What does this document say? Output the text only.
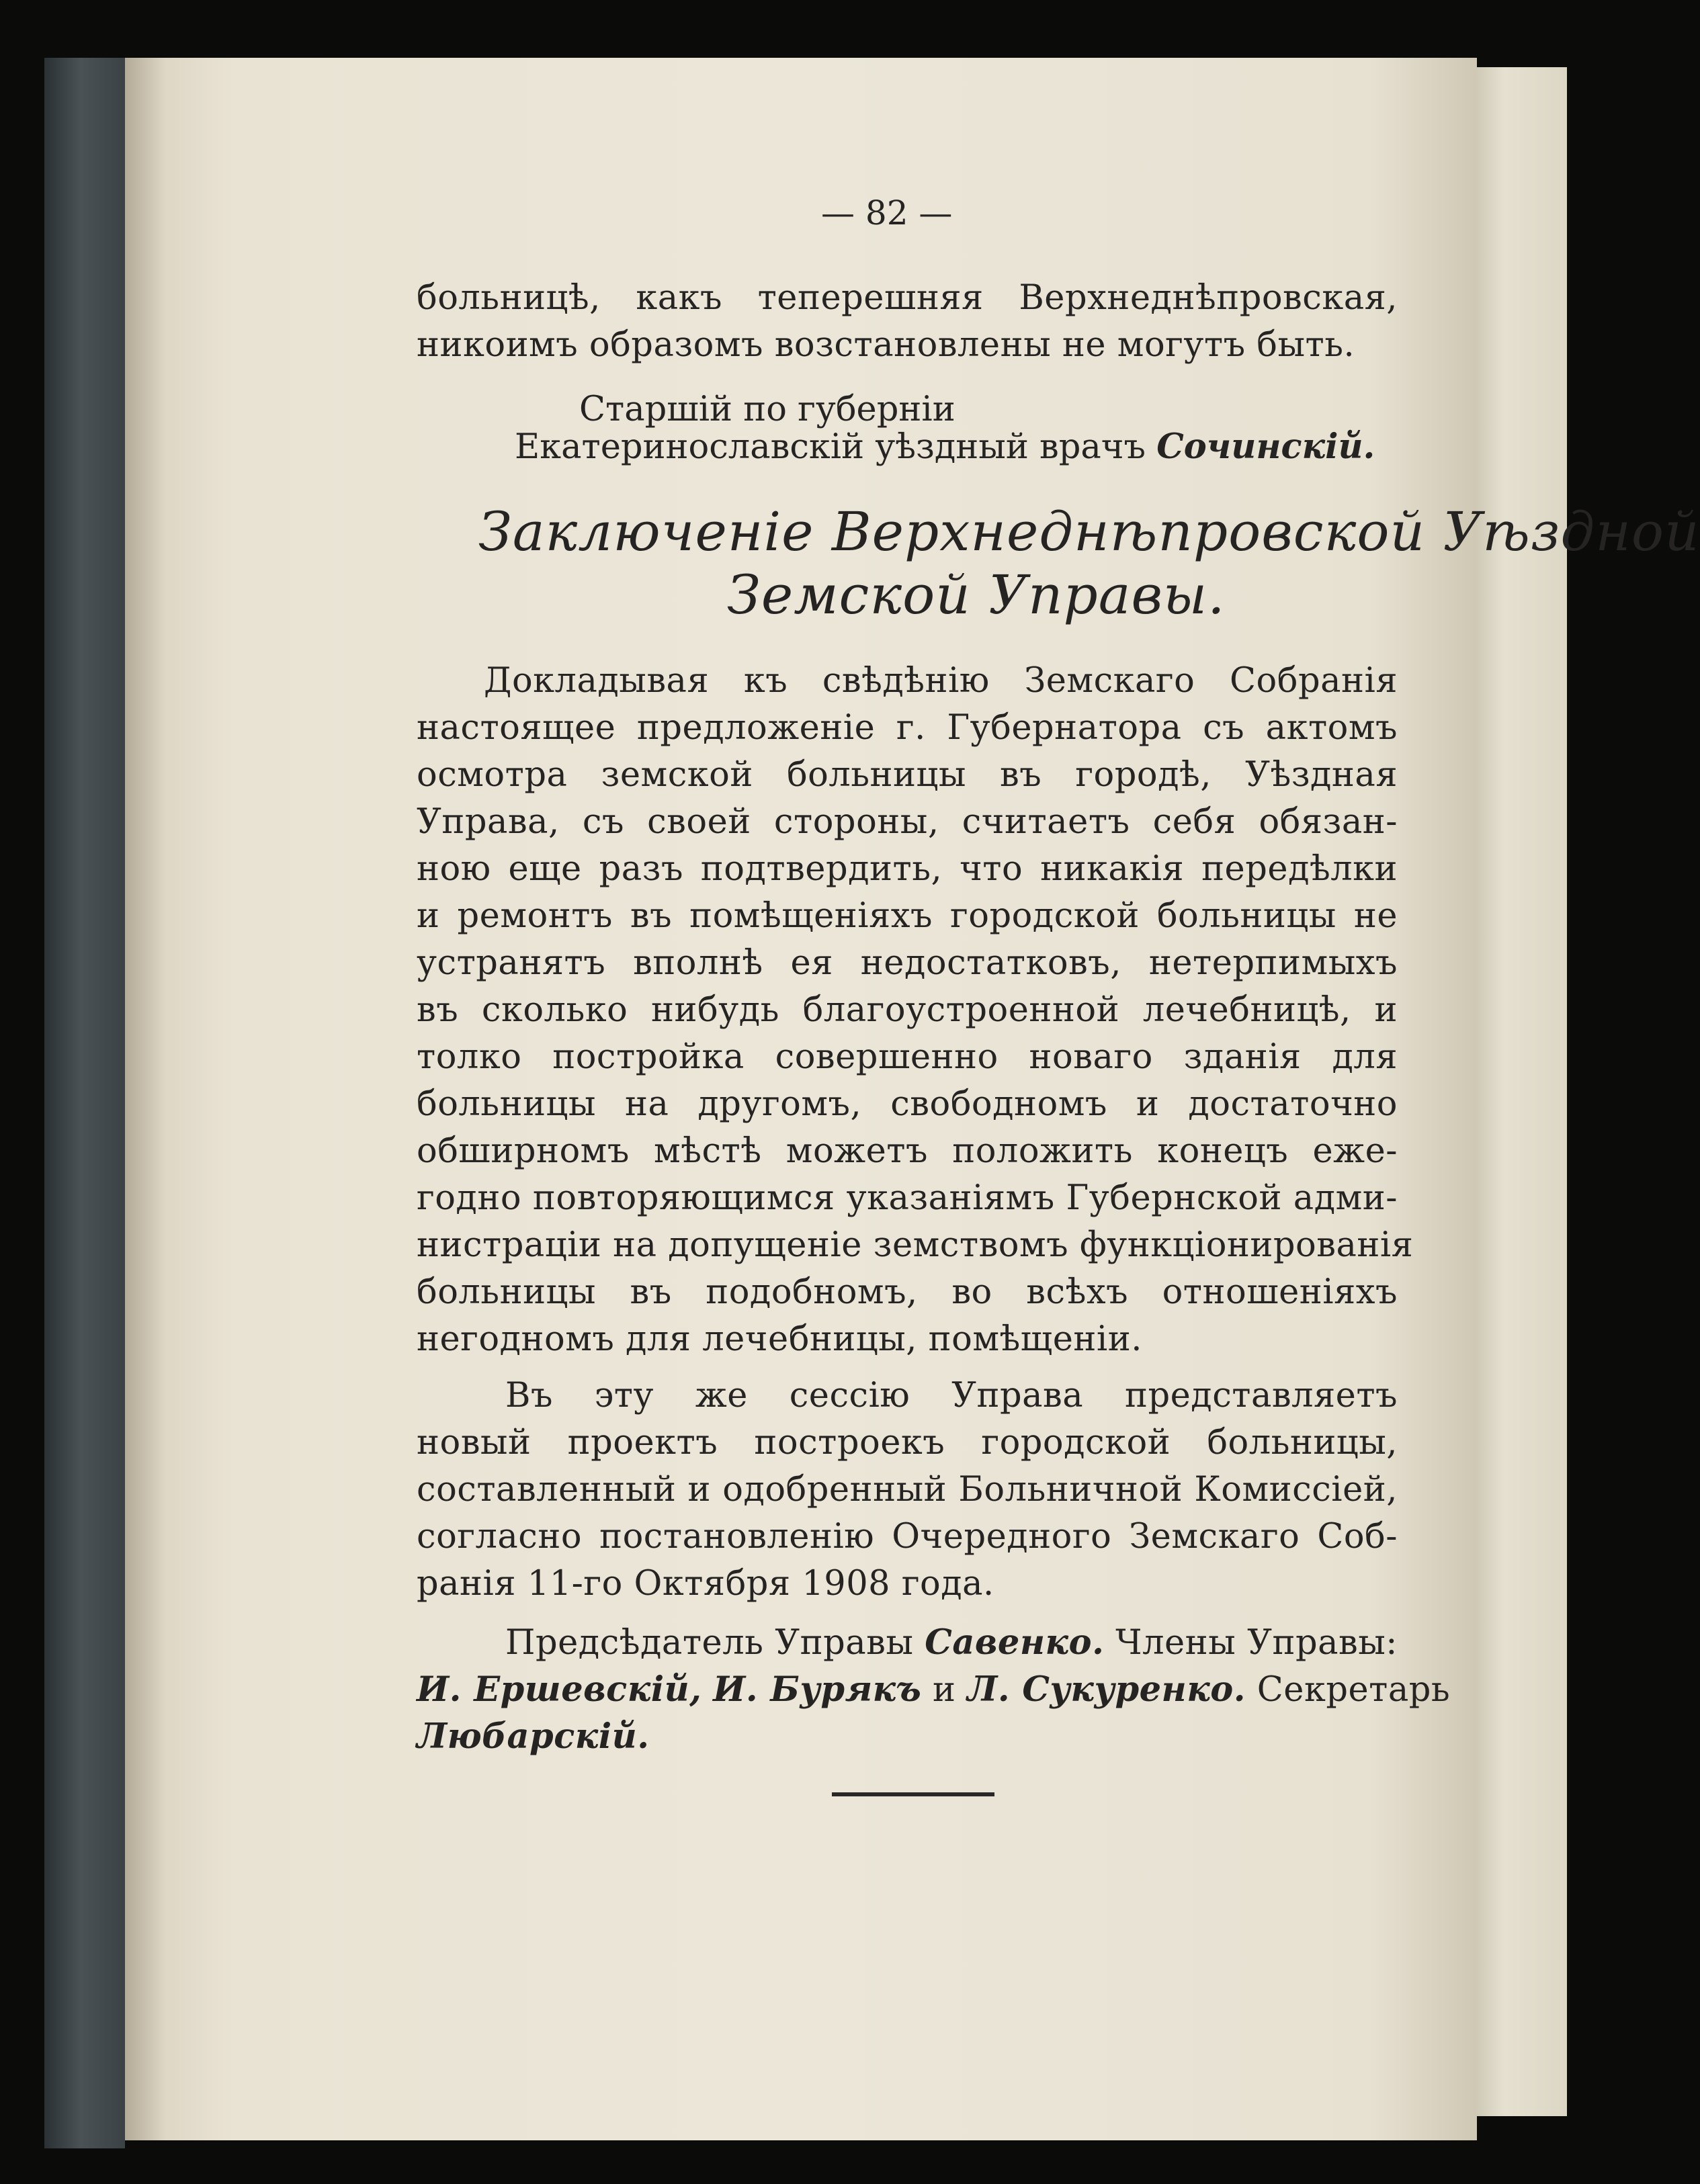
— 82 —
больницѣ, какъ теперешняя Верхнеднѣпровская,
никоимъ образомъ возстановлены не могутъ быть.
Старшій по губерніи
Екатеринославскій уѣздный врачъ Сочинскій.
Заключеніе Верхнеднѣпровской Уѣздной
Земской Управы.
Докладывая къ свѣдѣнію Земскаго Собранія
настоящее предложеніе г. Губернатора съ актомъ
осмотра земской больницы въ городѣ, Уѣздная
Управа, съ своей стороны, считаетъ себя обязан-
ною еще разъ подтвердить, что никакія передѣлки
и ремонтъ въ помѣщеніяхъ городской больницы не
устранятъ вполнѣ ея недостатковъ, нетерпимыхъ
въ сколько нибудь благоустроенной лечебницѣ, и
толко постройка совершенно новаго зданія для
больницы на другомъ, свободномъ и достаточно
обширномъ мѣстѣ можетъ положить конецъ еже-
годно повторяющимся указаніямъ Губернской адми-
нистраціи на допущеніе земствомъ функціонированія
больницы въ подобномъ, во всѣхъ отношеніяхъ
негодномъ для лечебницы, помѣщеніи.
Въ эту же сессію Управа представляетъ
новый проектъ построекъ городской больницы,
составленный и одобренный Больничной Комиссіей,
согласно постановленію Очередного Земскаго Соб-
ранія 11-го Октября 1908 года.
Предсѣдатель Управы Савенко. Члены Управы:
И. Ершевскій, И. Бурякъ и Л. Сукуренко. Секретарь
Любарскій.
